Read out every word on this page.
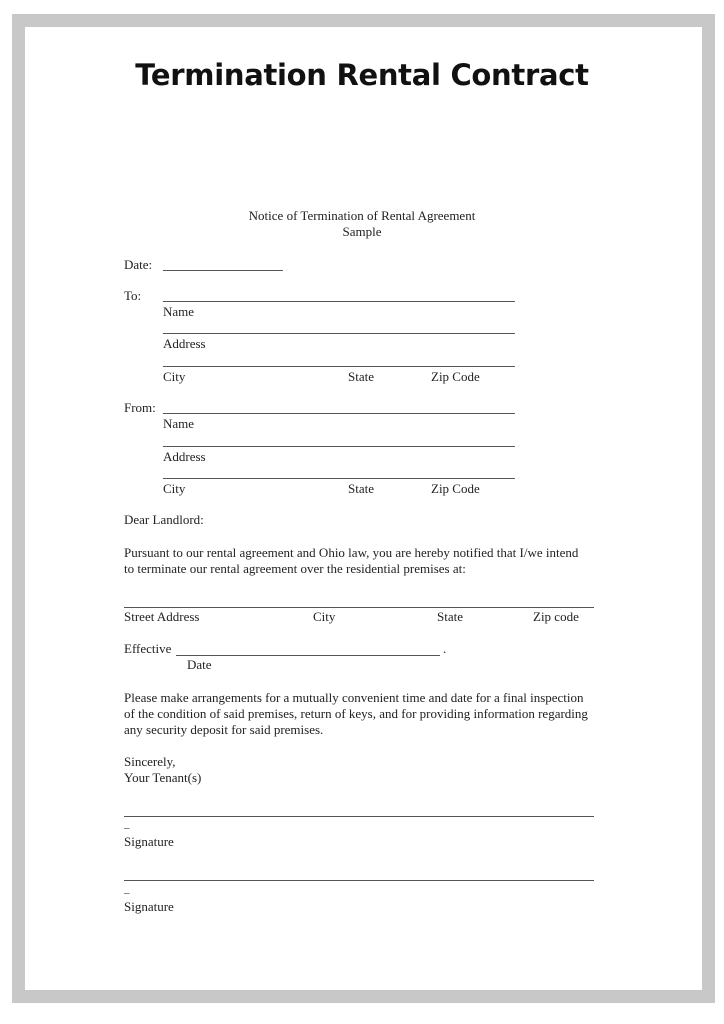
Termination Rental Contract
Notice of Termination of Rental Agreement
Sample
Date:
To:
Name
Address
City	State	Zip Code
From:
Name
Address
City	State	Zip Code
Dear Landlord:
Pursuant to our rental agreement and Ohio law, you are hereby notified that I/we intend
to terminate our rental agreement over the residential premises at:
Street Address	City	State	Zip code
Effective	.
Date
Please make arrangements for a mutually convenient time and date for a final inspection
of the condition of said premises, return of keys, and for providing information regarding
any security deposit for said premises.
Sincerely,
Your Tenant(s)
_
Signature
_
Signature
